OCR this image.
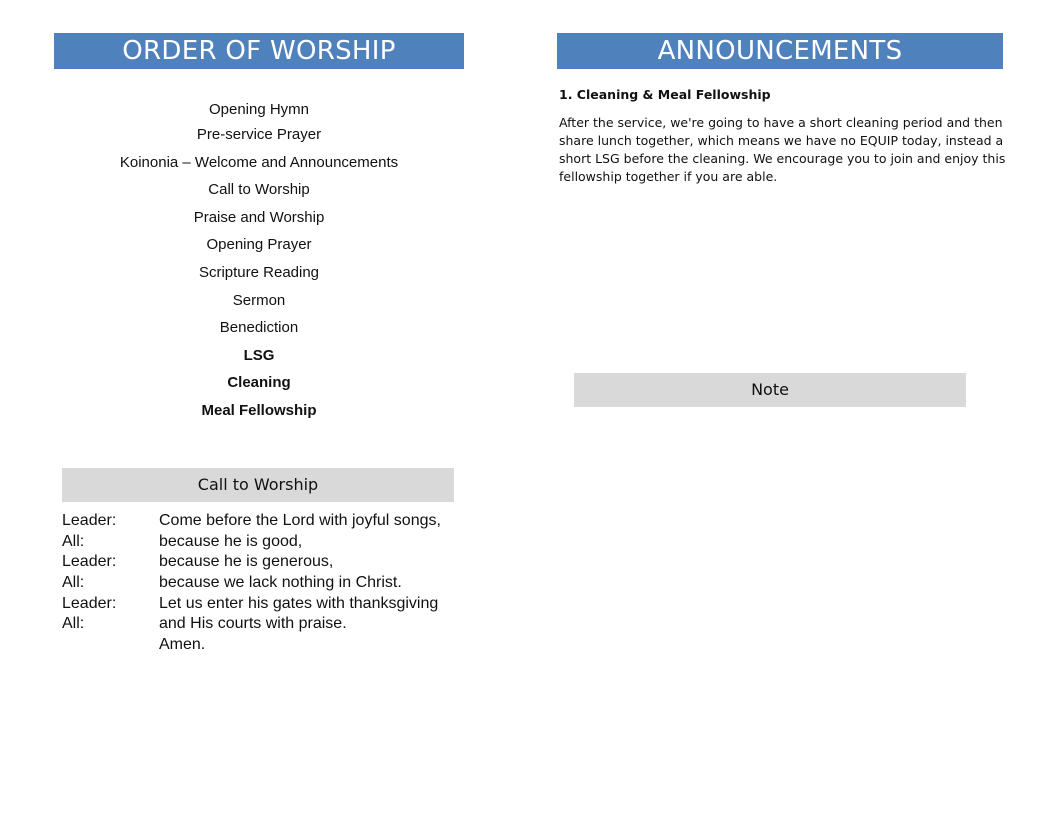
ORDER OF WORSHIP
Opening Hymn
Pre-service Prayer
Koinonia – Welcome and Announcements
Call to Worship
Praise and Worship
Opening Prayer
Scripture Reading
Sermon
Benediction
LSG
Cleaning
Meal Fellowship
Call to Worship
Leader:	Come before the Lord with joyful songs,
All:	because he is good,
Leader:	because he is generous,
All:	because we lack nothing in Christ.
Leader:	Let us enter his gates with thanksgiving
All:	and His courts with praise.
Amen.
ANNOUNCEMENTS
1. Cleaning & Meal Fellowship
After the service, we're going to have a short cleaning period and then
share lunch together, which means we have no EQUIP today, instead a
short LSG before the cleaning. We encourage you to join and enjoy this
fellowship together if you are able.
Note
